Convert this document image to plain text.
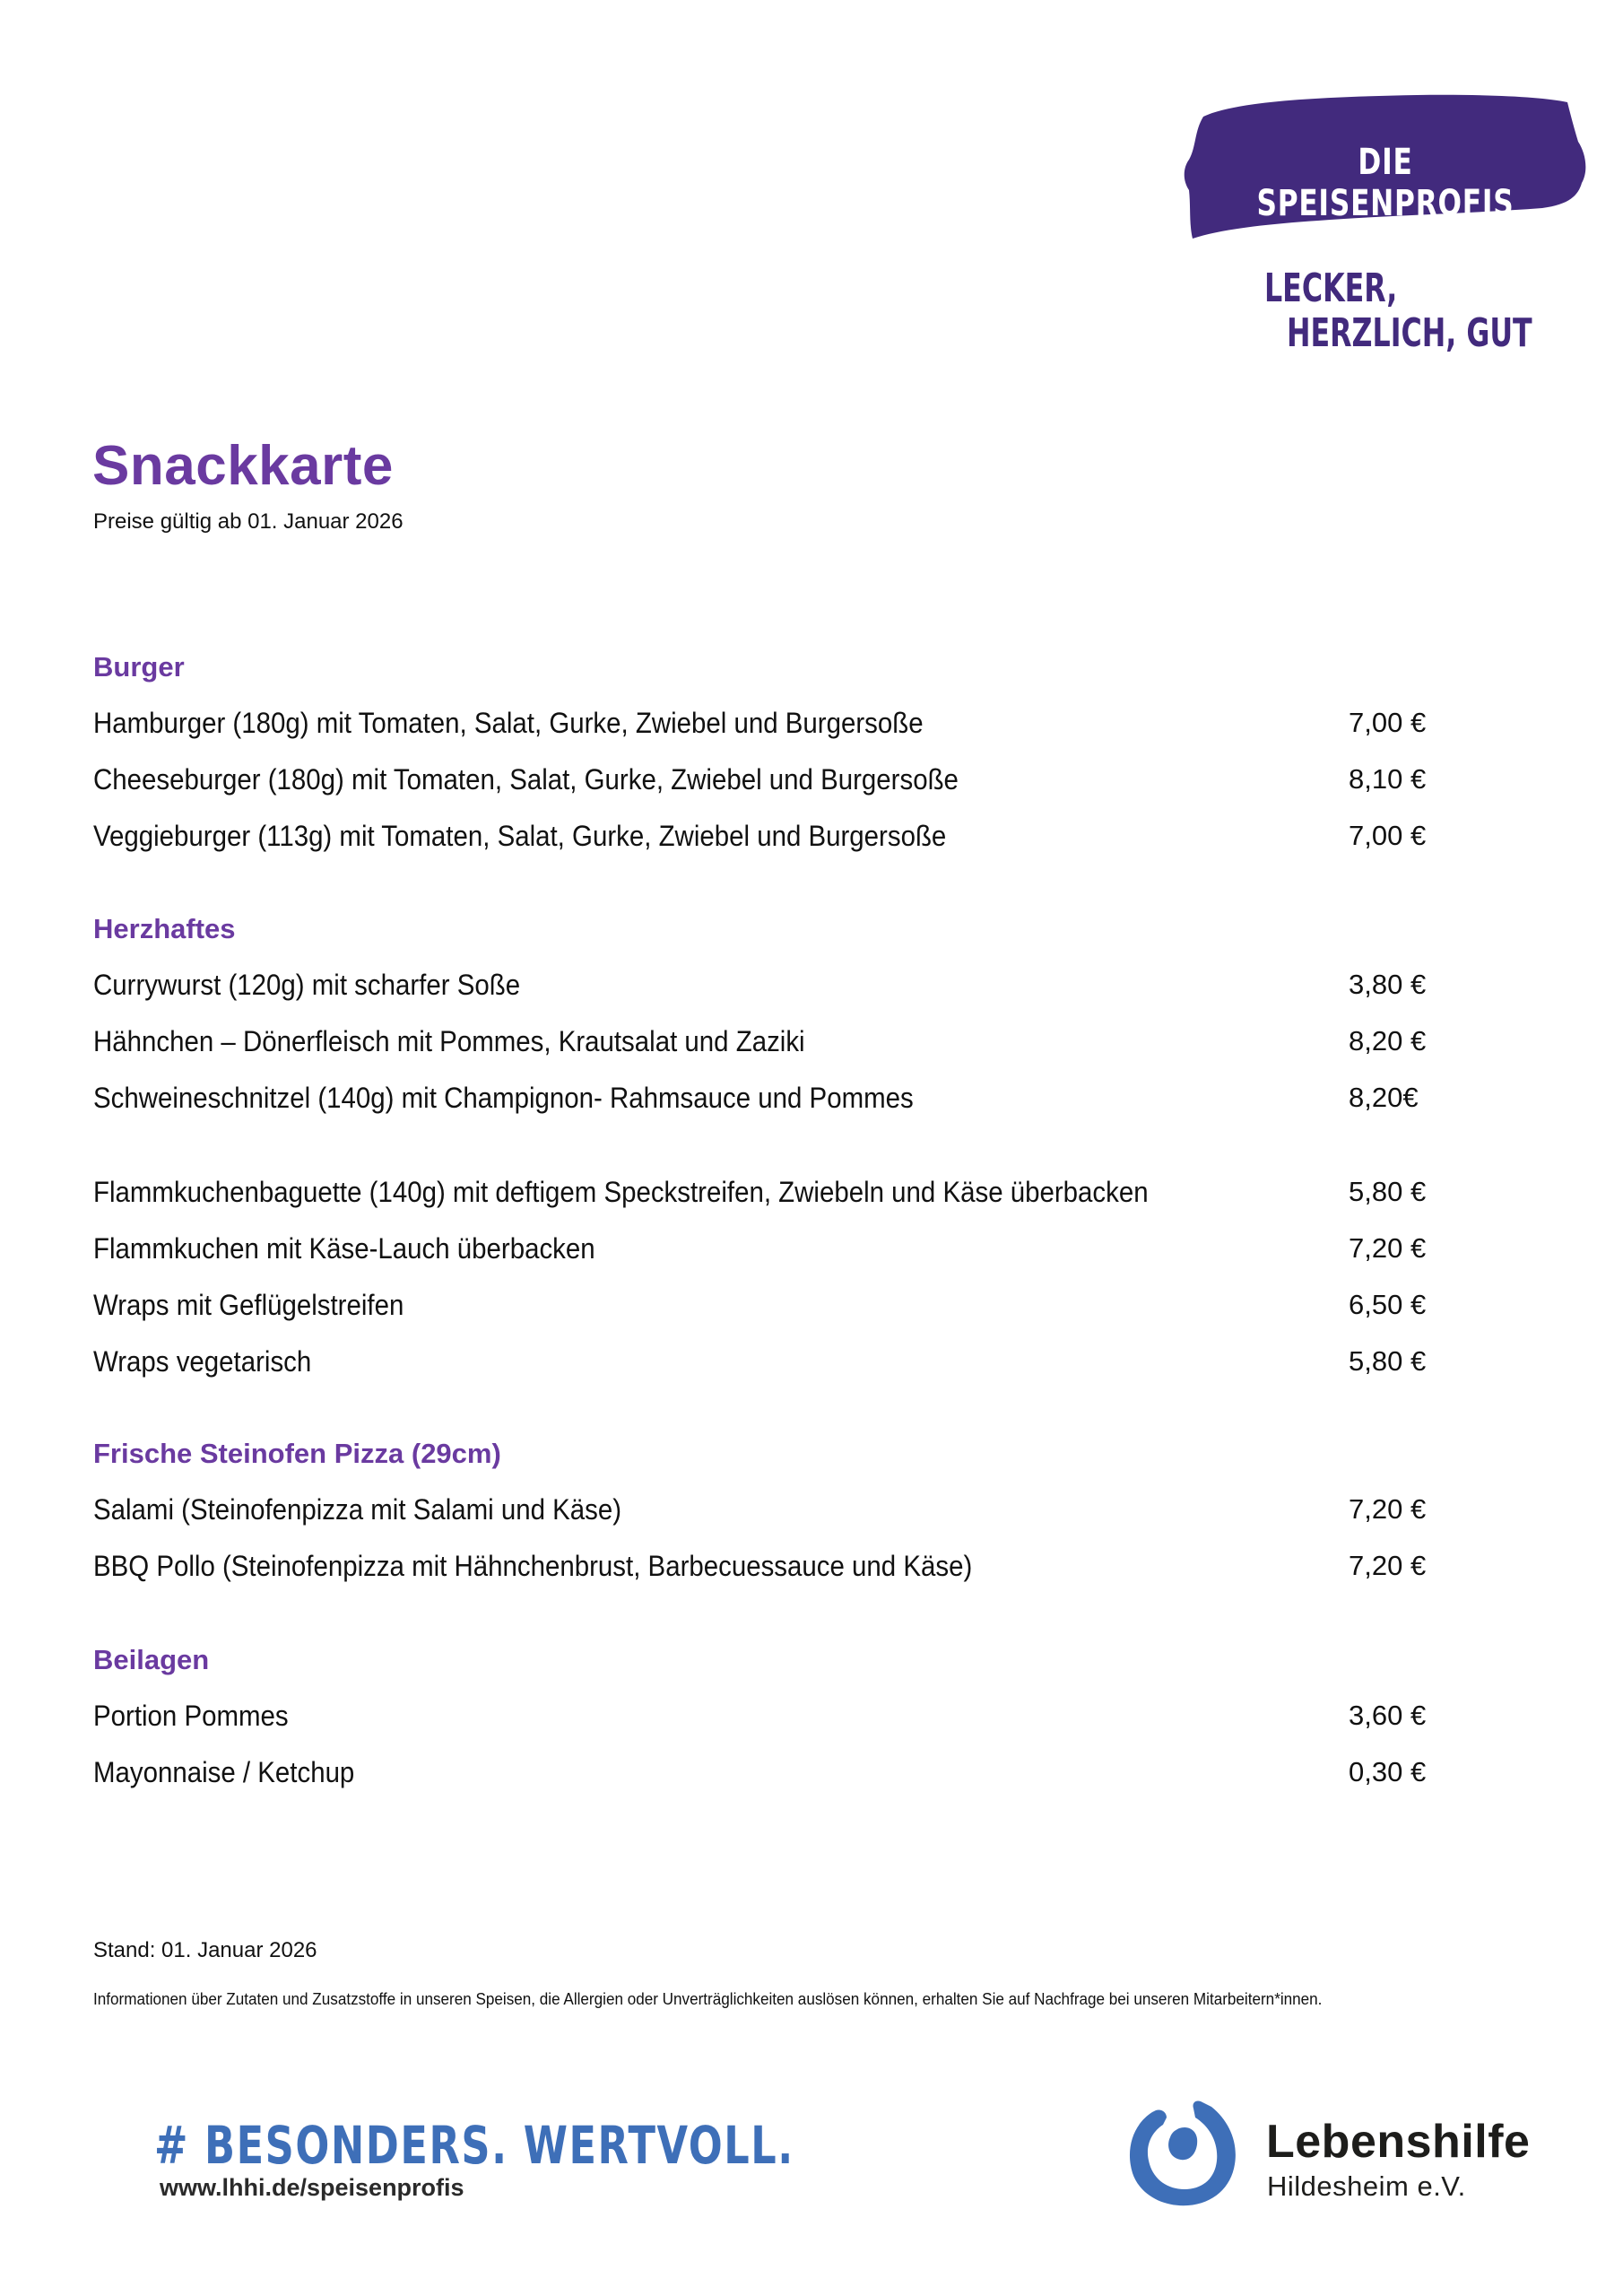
DIE SPEISENPROFIS
LECKER,
HERZLICH, GUT
Snackkarte
Preise gültig ab 01. Januar 2026
Burger
Hamburger (180g) mit Tomaten, Salat, Gurke, Zwiebel und Burgersoße	7,00 €
Cheeseburger (180g) mit Tomaten, Salat, Gurke, Zwiebel und Burgersoße	8,10 €
Veggieburger (113g) mit Tomaten, Salat, Gurke, Zwiebel und Burgersoße	7,00 €
Herzhaftes
Currywurst (120g) mit scharfer Soße	3,80 €
Hähnchen – Dönerfleisch mit Pommes, Krautsalat und Zaziki	8,20 €
Schweineschnitzel (140g) mit Champignon- Rahmsauce und Pommes	8,20€
Flammkuchenbaguette (140g) mit deftigem Speckstreifen, Zwiebeln und Käse überbacken	5,80 €
Flammkuchen mit Käse-Lauch überbacken	7,20 €
Wraps mit Geflügelstreifen	6,50 €
Wraps vegetarisch	5,80 €
Frische Steinofen Pizza (29cm)
Salami (Steinofenpizza mit Salami und Käse)	7,20 €
BBQ Pollo (Steinofenpizza mit Hähnchenbrust, Barbecuessauce und Käse)	7,20 €
Beilagen
Portion Pommes	3,60 €
Mayonnaise / Ketchup	0,30 €
Stand: 01. Januar 2026
Informationen über Zutaten und Zusatzstoffe in unseren Speisen, die Allergien oder Unverträglichkeiten auslösen können, erhalten Sie auf Nachfrage bei unseren Mitarbeitern*innen.
# BESONDERS. WERTVOLL.
www.lhhi.de/speisenprofis
Lebenshilfe
Hildesheim e.V.
